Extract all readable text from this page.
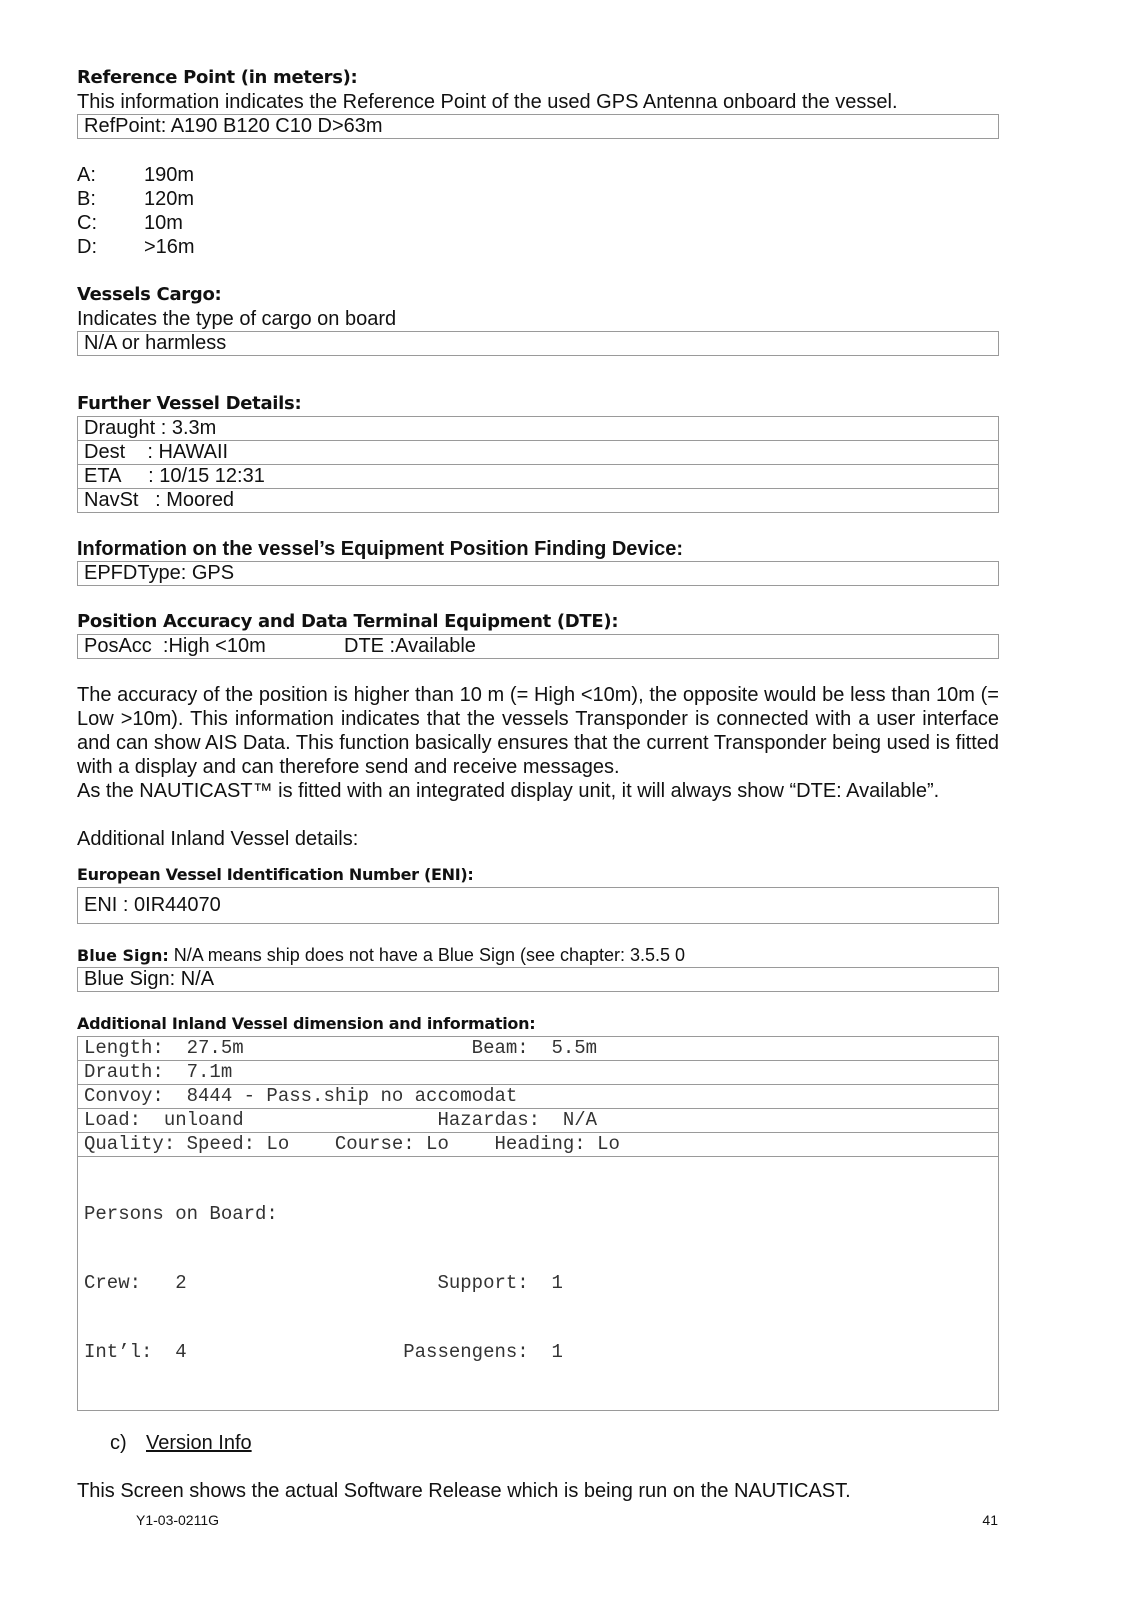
Reference Point (in meters):
This information indicates the Reference Point of the used GPS Antenna onboard the vessel.
RefPoint: A190 B120 C10 D>63m
A: 190m
B: 120m
C: 10m
D: >16m
Vessels Cargo:
Indicates the type of cargo on board
N/A or harmless
Further Vessel Details:
Draught : 3.3m
Dest    : HAWAII
ETA     : 10/15 12:31
NavSt   : Moored
Information on the vessel’s Equipment Position Finding Device:
EPFDType: GPS
Position Accuracy and Data Terminal Equipment (DTE):
PosAcc  :High <10m	DTE :Available
The accuracy of the position is higher than 10 m (= High <10m), the opposite would be less than 10m (= Low >10m). This information indicates that the vessels Transponder is connected with a user interface and can show AIS Data. This function basically ensures that the current Transponder being used is fitted with a display and can therefore send and receive messages.
As the NAUTICAST™ is fitted with an integrated display unit, it will always show “DTE: Available”.
Additional Inland Vessel details:
European Vessel Identification Number (ENI):
ENI : 0IR44070
Blue Sign: N/A means ship does not have a Blue Sign (see chapter: 3.5.5 0
Blue Sign: N/A
Additional Inland Vessel dimension and information:
Length:  27.5m                    Beam:  5.5m
Drauth:  7.1m
Convoy:  8444 - Pass.ship no accomodat
Load:  unloand                 Hazardas:  N/A
Quality: Speed: Lo    Course: Lo    Heading: Lo

Persons on Board:

Crew:   2                      Support:  1

Int’l:  4                   Passengens:  1

c) Version Info
This Screen shows the actual Software Release which is being run on the NAUTICAST.
Y1-03-0211G	41
